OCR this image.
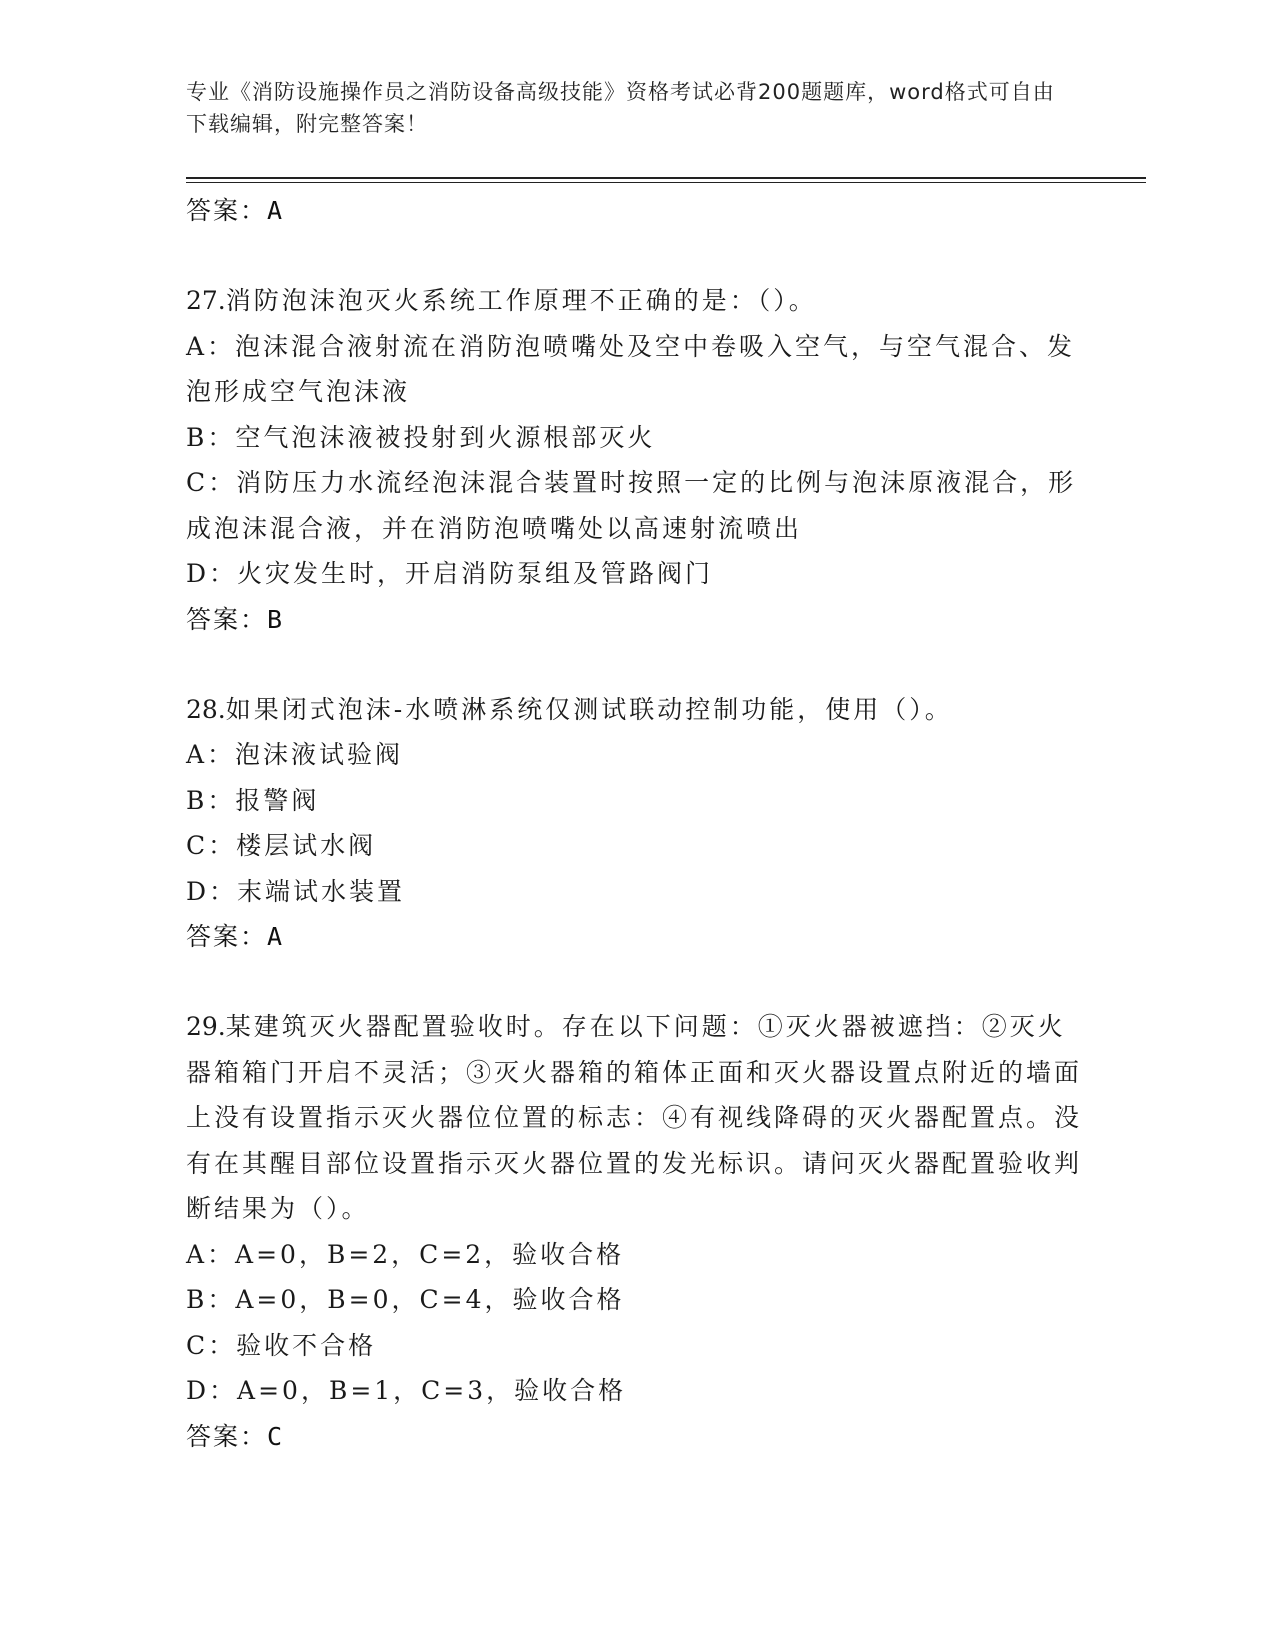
专业《消防设施操作员之消防设备高级技能》资格考试必背200题题库，word格式可自由下载编辑，附完整答案！

答案：A

27.消防泡沫泡灭火系统工作原理不正确的是：（）。

A：泡沫混合液射流在消防泡喷嘴处及空中卷吸入空气，与空气混合、发泡形成空气泡沫液

B：空气泡沫液被投射到火源根部灭火

C：消防压力水流经泡沫混合装置时按照一定的比例与泡沫原液混合，形成泡沫混合液，并在消防泡喷嘴处以高速射流喷出

D：火灾发生时，开启消防泵组及管路阀门

答案：B

28.如果闭式泡沫-水喷淋系统仅测试联动控制功能，使用（）。

A：泡沫液试验阀

B：报警阀

C：楼层试水阀

D：末端试水装置

答案：A

29.某建筑灭火器配置验收时。存在以下问题：①灭火器被遮挡：②灭火器箱箱门开启不灵活；③灭火器箱的箱体正面和灭火器设置点附近的墙面上没有设置指示灭火器位位置的标志：④有视线降碍的灭火器配置点。没有在其醒目部位设置指示灭火器位置的发光标识。请问灭火器配置验收判断结果为（）。

A：A=0，B=2，C=2，验收合格

B：A=0，B=0，C=4，验收合格

C：验收不合格

D：A=0，B=1，C=3，验收合格

答案：C
